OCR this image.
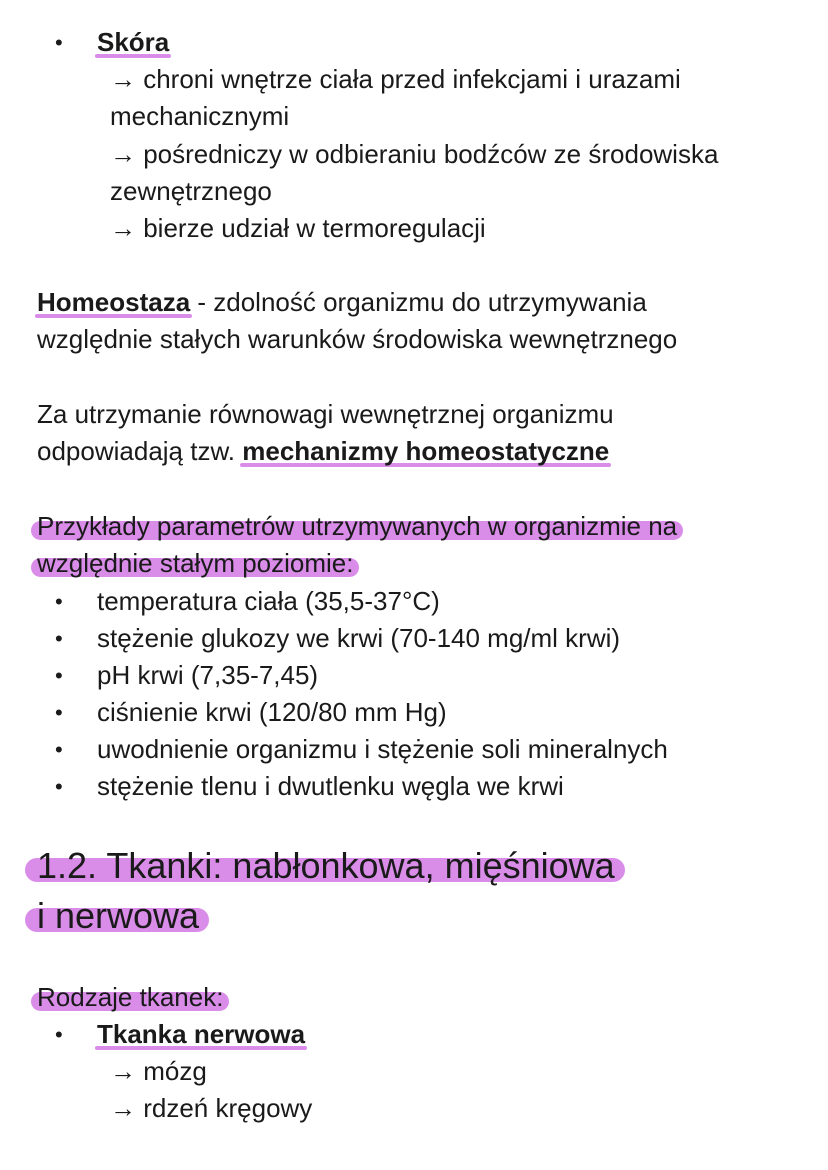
• Skóra
→ chroni wnętrze ciała przed infekcjami i urazami
mechanicznymi
→ pośredniczy w odbieraniu bodźców ze środowiska
zewnętrznego
→ bierze udział w termoregulacji
Homeostaza - zdolność organizmu do utrzymywania
względnie stałych warunków środowiska wewnętrznego
Za utrzymanie równowagi wewnętrznej organizmu
odpowiadają tzw. mechanizmy homeostatyczne
Przykłady parametrów utrzymywanych w organizmie na
względnie stałym poziomie:
• temperatura ciała (35,5-37°C)
• stężenie glukozy we krwi (70-140 mg/ml krwi)
• pH krwi (7,35-7,45)
• ciśnienie krwi (120/80 mm Hg)
• uwodnienie organizmu i stężenie soli mineralnych
• stężenie tlenu i dwutlenku węgla we krwi
1.2. Tkanki: nabłonkowa, mięśniowa
i nerwowa
Rodzaje tkanek:
• Tkanka nerwowa
→ mózg
→ rdzeń kręgowy
